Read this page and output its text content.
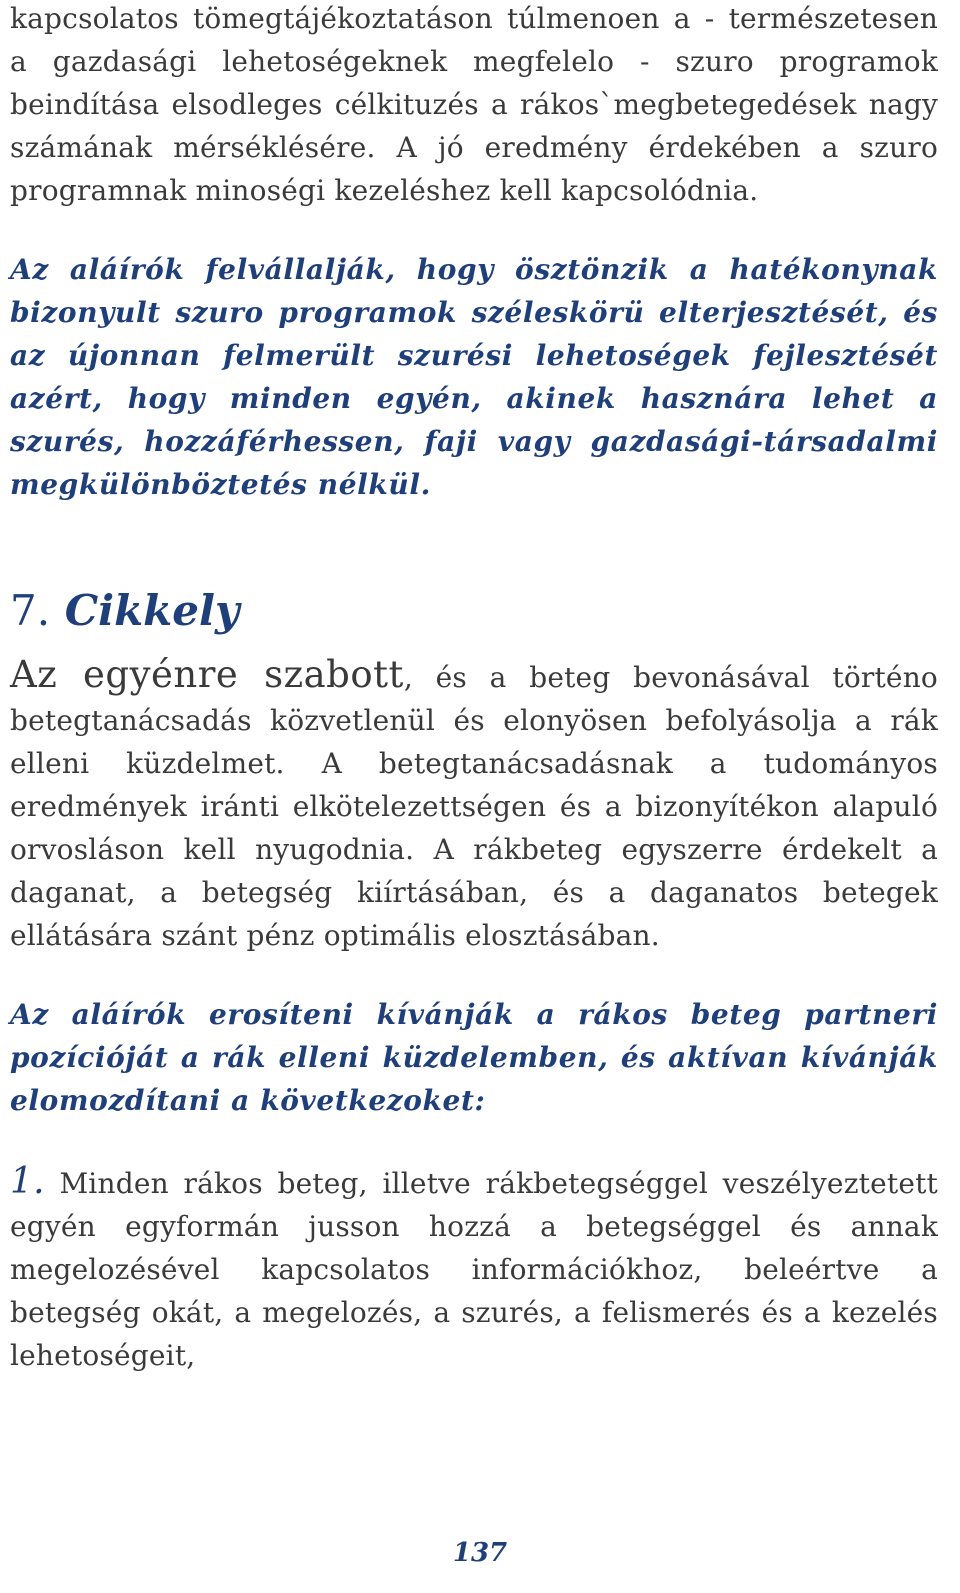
kapcsolatos tömegtájékoztatáson túlmenoen a - természetesen a gazdasági lehetoségeknek megfelelo - szuro programok beindítása elsodleges célkituzés a rákos`megbetegedések nagy számának mérséklésére. A jó eredmény érdekében a szuro programnak minoségi kezeléshez kell kapcsolódnia.

Az aláírók felvállalják, hogy ösztönzik a hatékonynak bizonyult szuro programok széleskörü elterjesztését, és az újonnan felmerült szurési lehetoségek fejlesztését azért, hogy minden egyén, akinek hasznára lehet a szurés, hozzáférhessen, faji vagy gazdasági-társadalmi megkülönböztetés nélkül.

7. Cikkely

Az egyénre szabott, és a beteg bevonásával történo betegtanácsadás közvetlenül és elonyösen befolyásolja a rák elleni küzdelmet. A betegtanácsadásnak a tudományos eredmények iránti elkötelezettségen és a bizonyítékon alapuló orvosláson kell nyugodnia. A rákbeteg egyszerre érdekelt a daganat, a betegség kiírtásában, és a daganatos betegek ellátására szánt pénz optimális elosztásában.

Az aláírók erosíteni kívánják a rákos beteg partneri pozícióját a rák elleni küzdelemben, és aktívan kívánják elomozdítani a következoket:

1. Minden rákos beteg, illetve rákbetegséggel veszélyeztetett egyén egyformán jusson hozzá a betegséggel és annak megelozésével kapcsolatos információkhoz, beleértve a betegség okát, a megelozés, a szurés, a felismerés és a kezelés lehetoségeit,

137
